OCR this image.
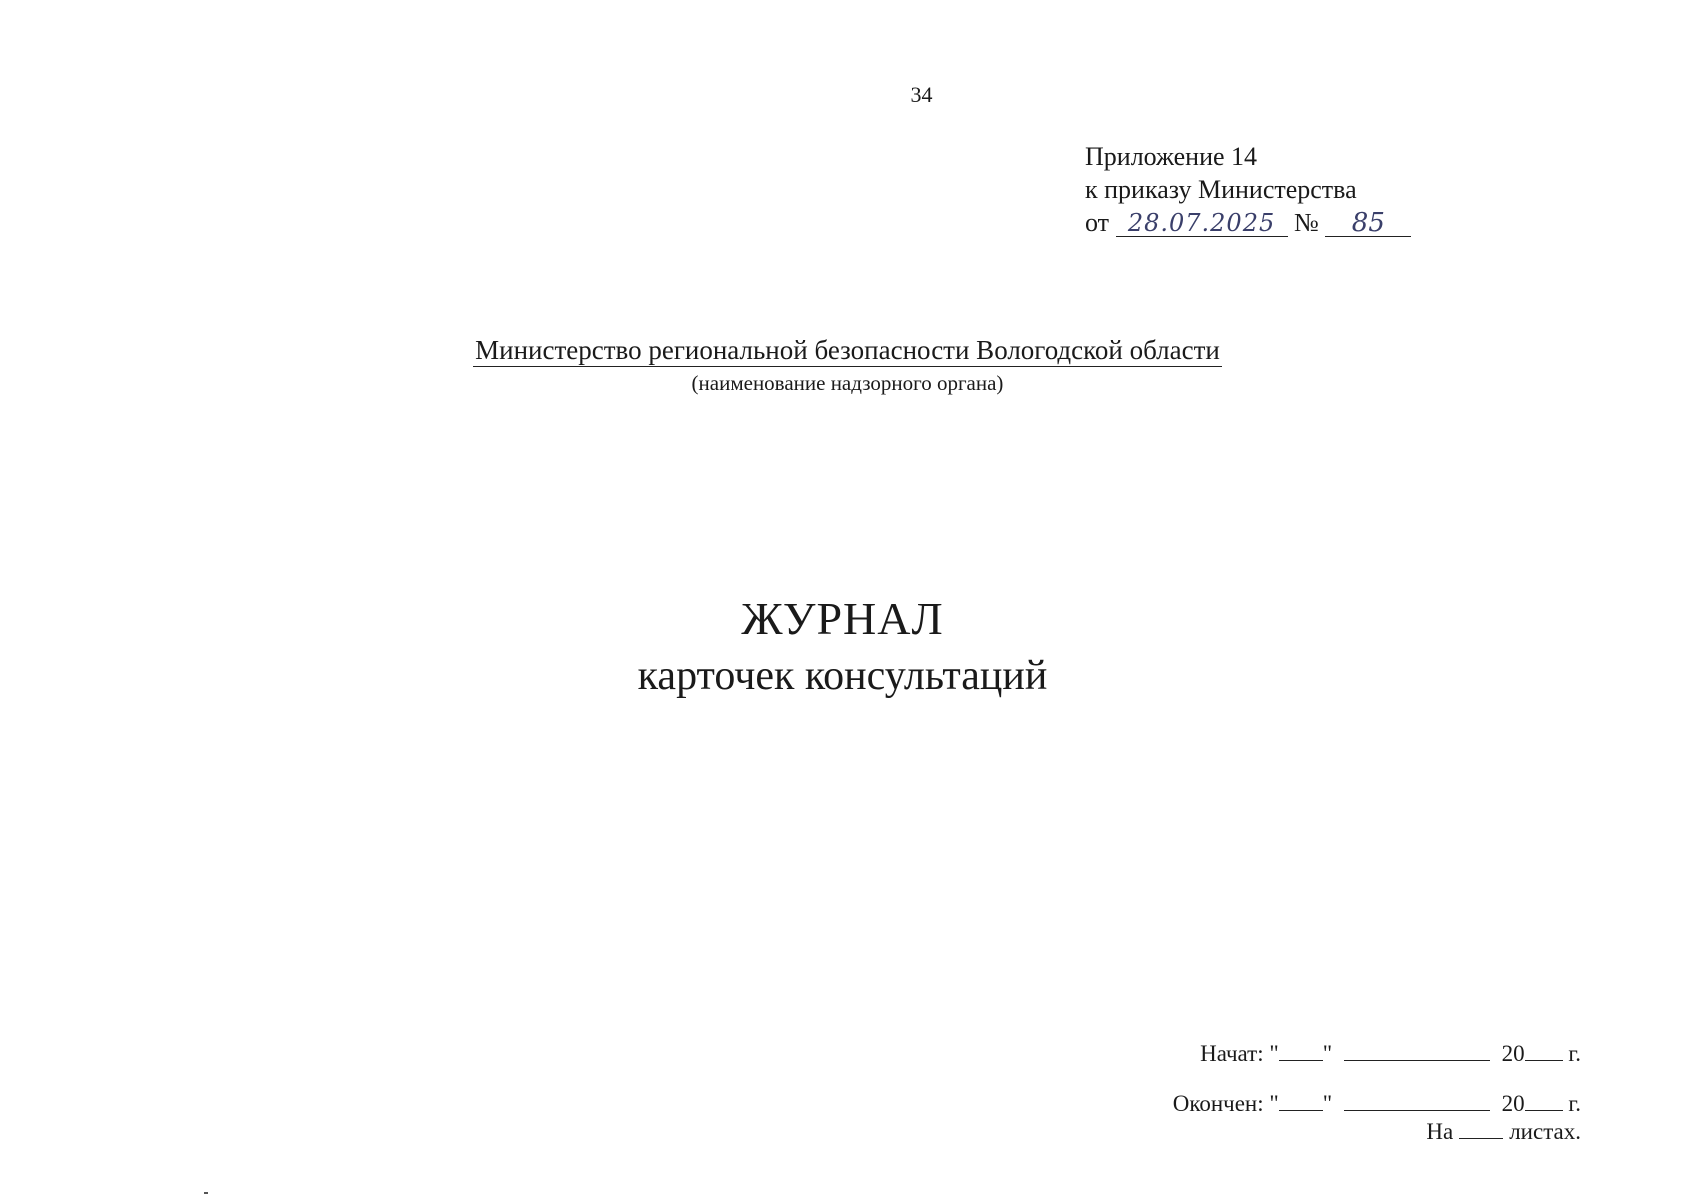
34
Приложение 14
к приказу Министерства
от 28.07.2025 № 85
Министерство региональной безопасности Вологодской области
(наименование надзорного органа)
ЖУРНАЛ
карточек консультаций
Начат: " "	20 г.
Окончен: " "	20 г.
На листах.
